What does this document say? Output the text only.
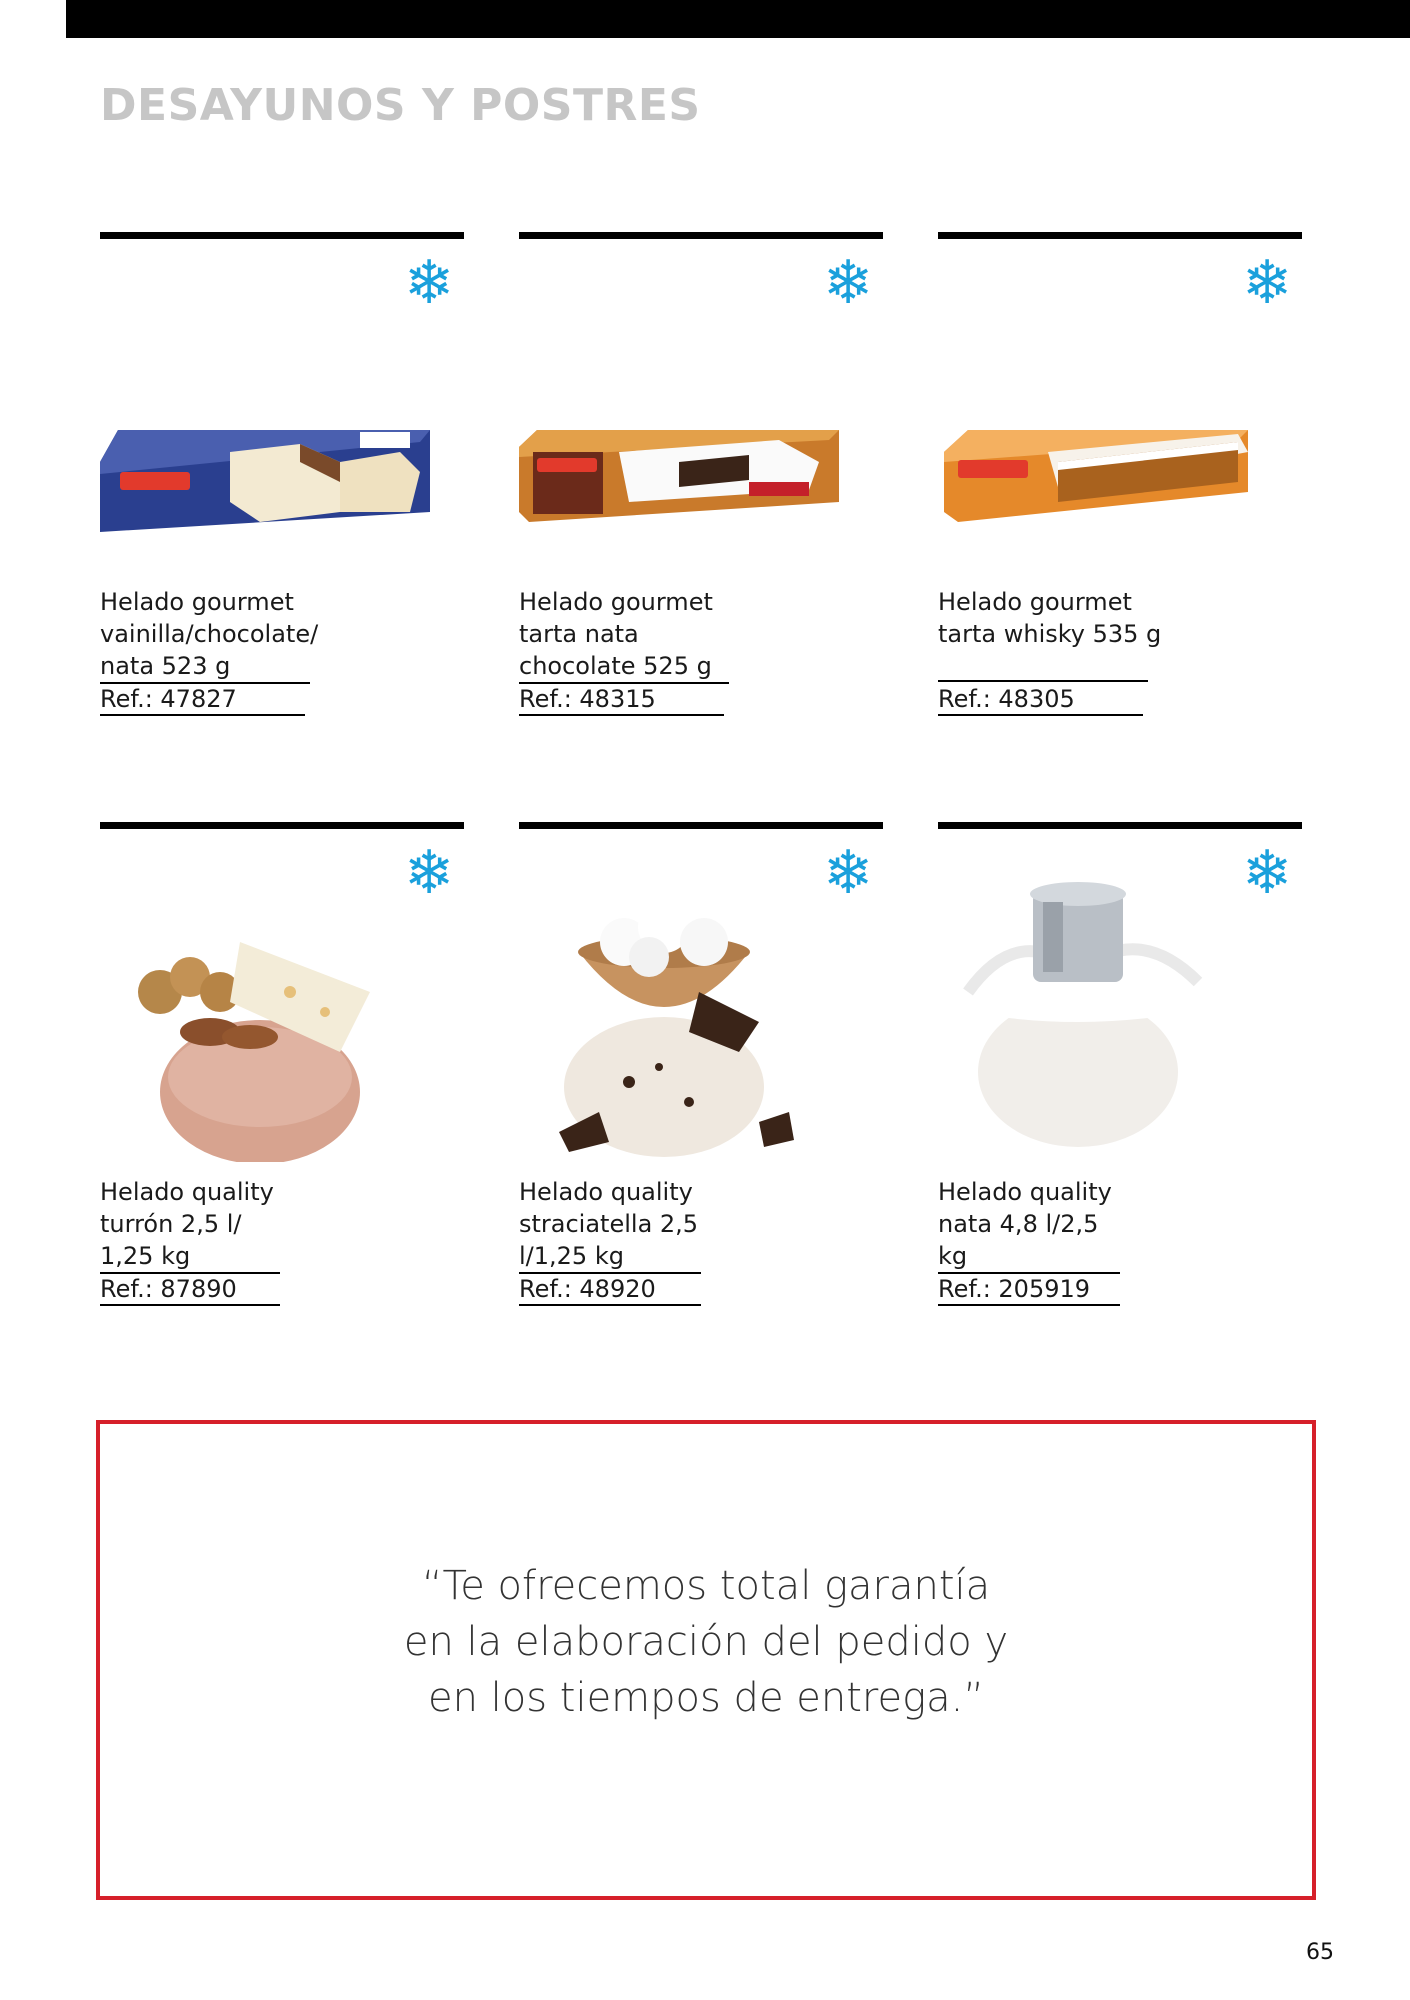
DESAYUNOS Y POSTRES
❄
Helado gourmet
vainilla/chocolate/
nata 523 g
Ref.: 47827
❄
Helado gourmet
tarta nata
chocolate 525 g
Ref.: 48315
❄
Helado gourmet
tarta whisky 535 g
Ref.: 48305
❄
Helado quality
turrón 2,5 l/
1,25 kg
Ref.: 87890
❄
Helado quality
straciatella 2,5
l/1,25 kg
Ref.: 48920
❄
Helado quality
nata 4,8 l/2,5
kg
Ref.: 205919
“Te ofrecemos total garantía
en la elaboración del pedido y
en los tiempos de entrega.”
65
